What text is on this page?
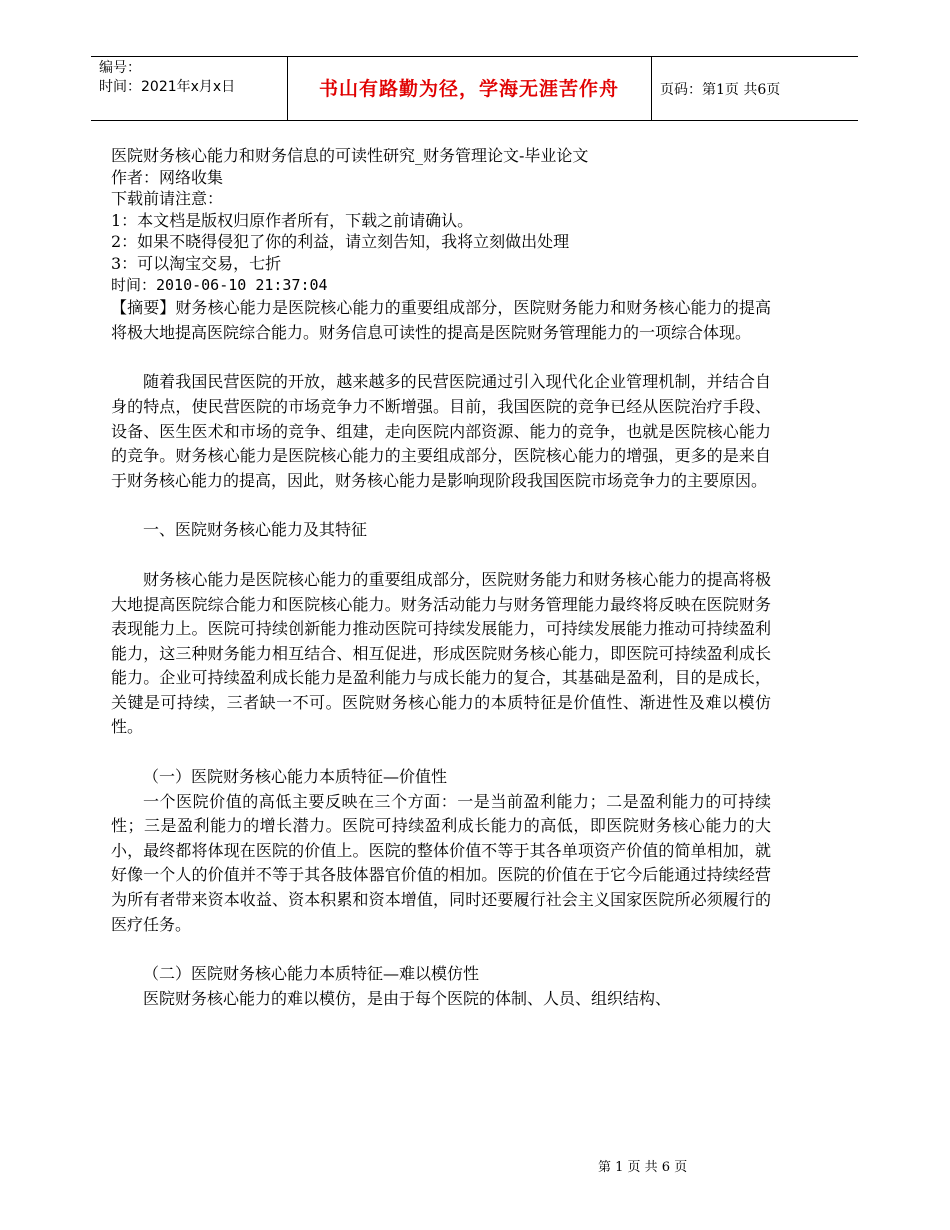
编号：
时间：2021年x月x日	书山有路勤为径，学海无涯苦作舟	页码：第1页 共6页
医院财务核心能力和财务信息的可读性研究_财务管理论文-毕业论文
作者：网络收集
下载前请注意：
1：本文档是版权归原作者所有，下载之前请确认。
2：如果不晓得侵犯了你的利益，请立刻告知，我将立刻做出处理
3：可以淘宝交易，七折
时间：2010-06-10 21:37:04
【摘要】财务核心能力是医院核心能力的重要组成部分，医院财务能力和财务核心能力的提高将极大地提高医院综合能力。财务信息可读性的提高是医院财务管理能力的一项综合体现。
随着我国民营医院的开放，越来越多的民营医院通过引入现代化企业管理机制，并结合自身的特点，使民营医院的市场竞争力不断增强。目前，我国医院的竞争已经从医院治疗手段、设备、医生医术和市场的竞争、组建，走向医院内部资源、能力的竞争，也就是医院核心能力的竞争。财务核心能力是医院核心能力的主要组成部分，医院核心能力的增强，更多的是来自于财务核心能力的提高，因此，财务核心能力是影响现阶段我国医院市场竞争力的主要原因。
一、医院财务核心能力及其特征
财务核心能力是医院核心能力的重要组成部分，医院财务能力和财务核心能力的提高将极大地提高医院综合能力和医院核心能力。财务活动能力与财务管理能力最终将反映在医院财务表现能力上。医院可持续创新能力推动医院可持续发展能力，可持续发展能力推动可持续盈利能力，这三种财务能力相互结合、相互促进，形成医院财务核心能力，即医院可持续盈利成长能力。企业可持续盈利成长能力是盈利能力与成长能力的复合，其基础是盈利，目的是成长，关键是可持续，三者缺一不可。医院财务核心能力的本质特征是价值性、渐进性及难以模仿性。
（一）医院财务核心能力本质特征—价值性
一个医院价值的高低主要反映在三个方面：一是当前盈利能力；二是盈利能力的可持续性；三是盈利能力的增长潜力。医院可持续盈利成长能力的高低，即医院财务核心能力的大小，最终都将体现在医院的价值上。医院的整体价值不等于其各单项资产价值的简单相加，就好像一个人的价值并不等于其各肢体器官价值的相加。医院的价值在于它今后能通过持续经营为所有者带来资本收益、资本积累和资本增值，同时还要履行社会主义国家医院所必须履行的医疗任务。
（二）医院财务核心能力本质特征—难以模仿性
医院财务核心能力的难以模仿，是由于每个医院的体制、人员、组织结构、
第 1 页 共 6 页
